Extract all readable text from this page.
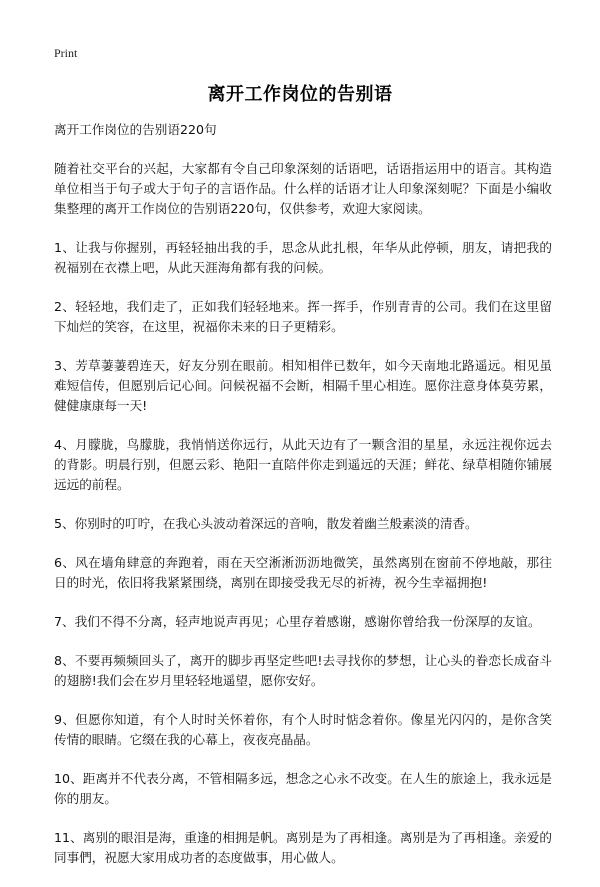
Print
离开工作岗位的告别语

离开工作岗位的告别语220句

随着社交平台的兴起，大家都有令自己印象深刻的话语吧，话语指运用中的语言。其构造单位相当于句子或大于句子的言语作品。什么样的话语才让人印象深刻呢？下面是小编收集整理的离开工作岗位的告别语220句，仅供参考，欢迎大家阅读。

1、让我与你握别，再轻轻抽出我的手，思念从此扎根，年华从此停顿，朋友，请把我的祝福别在衣襟上吧，从此天涯海角都有我的问候。

2、轻轻地，我们走了，正如我们轻轻地来。挥一挥手，作别青青的公司。我们在这里留下灿烂的笑容，在这里，祝福你未来的日子更精彩。

3、芳草萋萋碧连天，好友分别在眼前。相知相伴已数年，如今天南地北路遥远。相见虽难短信传，但愿别后记心间。问候祝福不会断，相隔千里心相连。愿你注意身体莫劳累，健健康康每一天!

4、月朦胧，鸟朦胧，我悄悄送你远行，从此天边有了一颗含泪的星星，永远注视你远去的背影。明晨行别，但愿云彩、艳阳一直陪伴你走到遥远的天涯；鲜花、绿草相随你铺展远远的前程。

5、你别时的叮咛，在我心头波动着深远的音响，散发着幽兰般素淡的清香。

6、风在墙角肆意的奔跑着，雨在天空淅淅沥沥地微笑，虽然离别在窗前不停地敲，那往日的时光，依旧将我紧紧围绕，离别在即接受我无尽的祈祷，祝今生幸福拥抱!

7、我们不得不分离，轻声地说声再见；心里存着感谢，感谢你曾给我一份深厚的友谊。

8、不要再频频回头了，离开的脚步再坚定些吧!去寻找你的梦想，让心头的眷恋长成奋斗的翅膀!我们会在岁月里轻轻地遥望，愿你安好。

9、但愿你知道，有个人时时关怀着你，有个人时时惦念着你。像星光闪闪的，是你含笑传情的眼睛。它缀在我的心幕上，夜夜亮晶晶。

10、距离并不代表分离，不管相隔多远，想念之心永不改变。在人生的旅途上，我永远是你的朋友。

11、离别的眼泪是海，重逢的相拥是帆。离别是为了再相逢。离别是为了再相逢。亲爱的同事們，祝愿大家用成功者的态度做事，用心做人。
